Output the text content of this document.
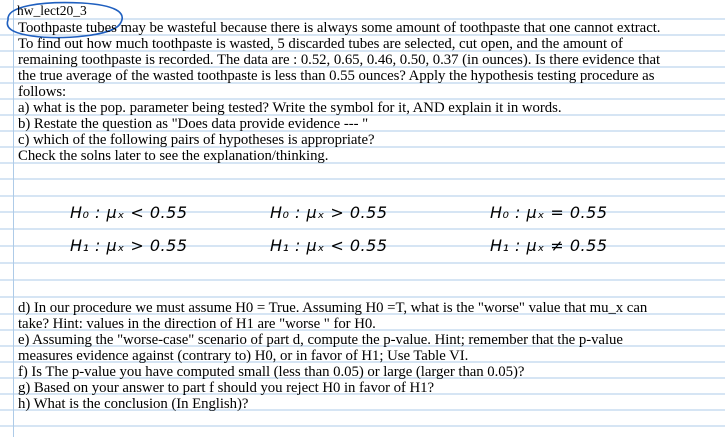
hw_lect20_3
Toothpaste tubes may be wasteful because there is always some amount of toothpaste that one cannot extract.
To find out how much toothpaste is wasted, 5 discarded tubes are selected, cut open, and the amount of
remaining toothpaste is recorded. The data are : 0.52, 0.65, 0.46, 0.50, 0.37 (in ounces). Is there evidence that
the true average of the wasted toothpaste is less than 0.55 ounces? Apply the hypothesis testing procedure as
follows:
a) what is the pop. parameter being tested? Write the symbol for it, AND explain it in words.
b) Restate the question as "Does data provide evidence --- "
c) which of the following pairs of hypotheses is appropriate?
Check the solns later to see the explanation/thinking.
H₀ : μₓ < 0.55
H₁ : μₓ > 0.55
H₀ : μₓ > 0.55
H₁ : μₓ < 0.55
H₀ : μₓ = 0.55
H₁ : μₓ ≠ 0.55
d) In our procedure we must assume H0 = True. Assuming H0 =T, what is the "worse" value that mu_x can
take? Hint: values in the direction of H1 are "worse " for H0.
e) Assuming the "worse-case" scenario of part d, compute the p-value. Hint; remember that the p-value
measures evidence against (contrary to) H0, or in favor of H1; Use Table VI.
f) Is The p-value you have computed small (less than 0.05) or large (larger than 0.05)?
g) Based on your answer to part f should you reject H0 in favor of H1?
h) What is the conclusion (In English)?
